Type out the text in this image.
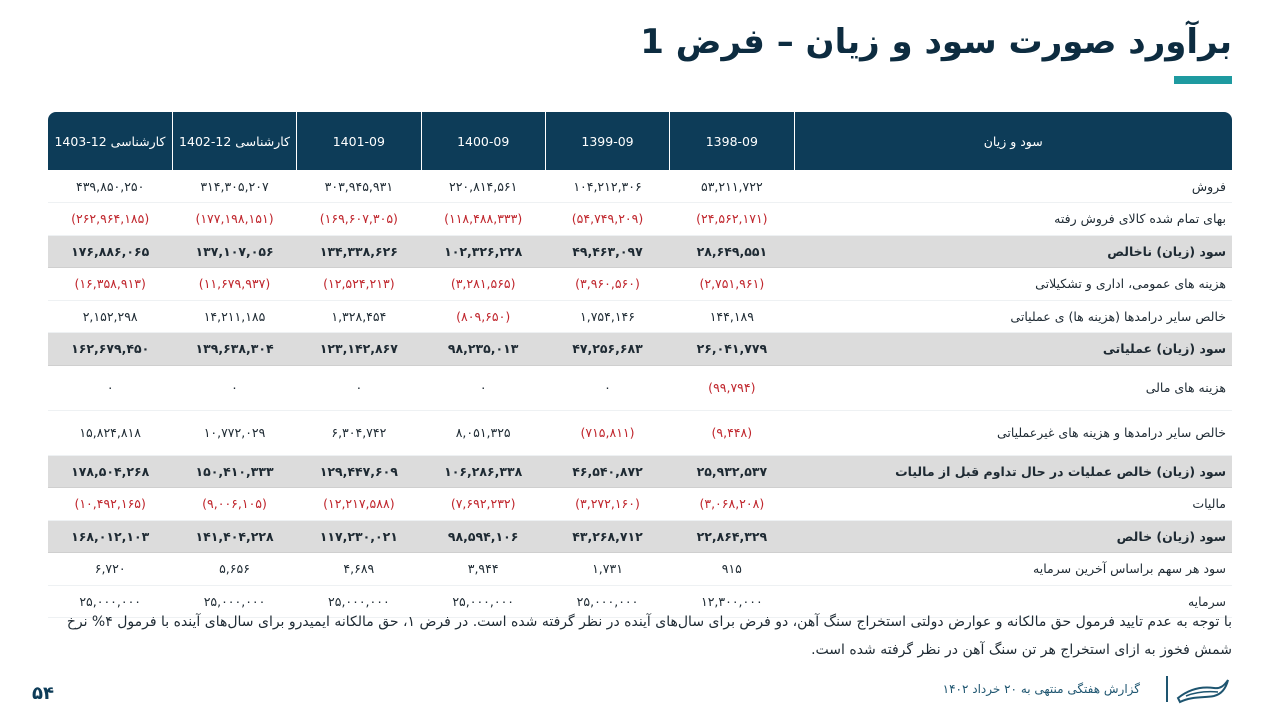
برآورد صورت سود و زیان – فرض 1
سود و زیان	1398-09	1399-09	1400-09	1401-09	کارشناسی 12-1402	کارشناسی 12-1403
فروش	۵۳,۲۱۱,۷۲۲	۱۰۴,۲۱۲,۳۰۶	۲۲۰,۸۱۴,۵۶۱	۳۰۳,۹۴۵,۹۳۱	۳۱۴,۳۰۵,۲۰۷	۴۳۹,۸۵۰,۲۵۰
بهای تمام شده کالای فروش رفته	(۲۴,۵۶۲,۱۷۱)	(۵۴,۷۴۹,۲۰۹)	(۱۱۸,۴۸۸,۳۳۳)	(۱۶۹,۶۰۷,۳۰۵)	(۱۷۷,۱۹۸,۱۵۱)	(۲۶۲,۹۶۴,۱۸۵)
سود (زیان) ناخالص	۲۸,۶۴۹,۵۵۱	۴۹,۴۶۳,۰۹۷	۱۰۲,۳۲۶,۲۲۸	۱۳۴,۳۳۸,۶۲۶	۱۳۷,۱۰۷,۰۵۶	۱۷۶,۸۸۶,۰۶۵
هزینه های عمومی، اداری و تشکیلاتی	(۲,۷۵۱,۹۶۱)	(۳,۹۶۰,۵۶۰)	(۳,۲۸۱,۵۶۵)	(۱۲,۵۲۴,۲۱۳)	(۱۱,۶۷۹,۹۳۷)	(۱۶,۳۵۸,۹۱۳)
خالص سایر درامدها (هزینه ها) ی عملیاتی	۱۴۴,۱۸۹	۱,۷۵۴,۱۴۶	(۸۰۹,۶۵۰)	۱,۳۲۸,۴۵۴	۱۴,۲۱۱,۱۸۵	۲,۱۵۲,۲۹۸
سود (زیان) عملیاتی	۲۶,۰۴۱,۷۷۹	۴۷,۲۵۶,۶۸۳	۹۸,۲۳۵,۰۱۳	۱۲۳,۱۴۲,۸۶۷	۱۳۹,۶۳۸,۳۰۴	۱۶۲,۶۷۹,۴۵۰
هزینه های مالی	(۹۹,۷۹۴)	۰	۰	۰	۰	۰
خالص سایر درامدها و هزینه های غیرعملیاتی	(۹,۴۴۸)	(۷۱۵,۸۱۱)	۸,۰۵۱,۳۲۵	۶,۳۰۴,۷۴۲	۱۰,۷۷۲,۰۲۹	۱۵,۸۲۴,۸۱۸
سود (زیان) خالص عملیات در حال تداوم قبل از مالیات	۲۵,۹۳۲,۵۳۷	۴۶,۵۴۰,۸۷۲	۱۰۶,۲۸۶,۳۳۸	۱۲۹,۴۴۷,۶۰۹	۱۵۰,۴۱۰,۳۳۳	۱۷۸,۵۰۴,۲۶۸
مالیات	(۳,۰۶۸,۲۰۸)	(۳,۲۷۲,۱۶۰)	(۷,۶۹۲,۲۳۲)	(۱۲,۲۱۷,۵۸۸)	(۹,۰۰۶,۱۰۵)	(۱۰,۴۹۲,۱۶۵)
سود (زیان) خالص	۲۲,۸۶۴,۳۲۹	۴۳,۲۶۸,۷۱۲	۹۸,۵۹۴,۱۰۶	۱۱۷,۲۳۰,۰۲۱	۱۴۱,۴۰۴,۲۲۸	۱۶۸,۰۱۲,۱۰۳
سود هر سهم براساس آخرین سرمایه	۹۱۵	۱,۷۳۱	۳,۹۴۴	۴,۶۸۹	۵,۶۵۶	۶,۷۲۰
سرمایه	۱۲,۳۰۰,۰۰۰	۲۵,۰۰۰,۰۰۰	۲۵,۰۰۰,۰۰۰	۲۵,۰۰۰,۰۰۰	۲۵,۰۰۰,۰۰۰	۲۵,۰۰۰,۰۰۰
با توجه به عدم تایید فرمول حق مالکانه و عوارض دولتی استخراج سنگ آهن، دو فرض برای سال‌های آینده در نظر گرفته شده است. در فرض ۱، حق مالکانه ایمیدرو برای سال‌های آینده با فرمول ۴% نرخ شمش فخوز به ازای استخراج هر تن سنگ آهن در نظر گرفته شده است.
۵۴	گزارش هفتگی منتهی به ۲۰ خرداد ۱۴۰۲
